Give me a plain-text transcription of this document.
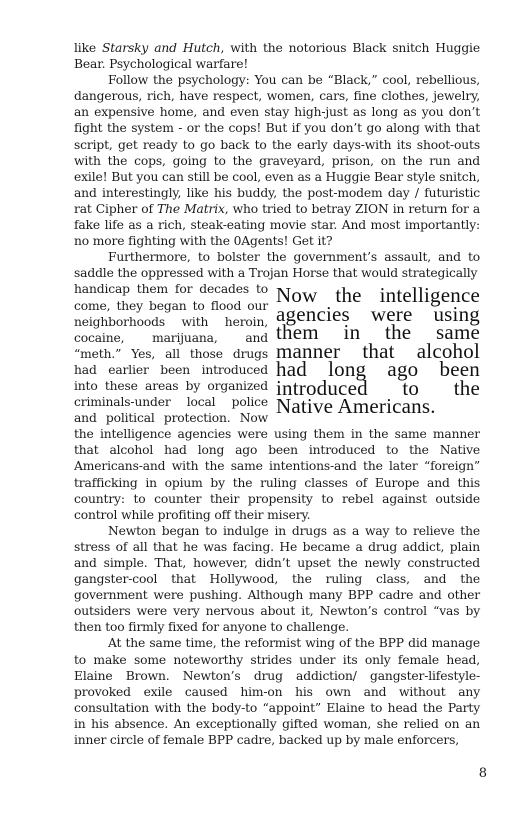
like Starsky and Hutch, with the notorious Black snitch Huggie Bear. Psychological warfare!

Follow the psychology: You can be “Black,” cool, rebellious, dangerous, rich, have respect, women, cars, fine clothes, jewelry, an expensive home, and even stay high-just as long as you don’t fight the system - or the cops! But if you don’t go along with that script, get ready to go back to the early days-with its shoot-outs with the cops, going to the graveyard, prison, on the run and exile! But you can still be cool, even as a Huggie Bear style snitch, and interestingly, like his buddy, the post-modem day / futuristic rat Cipher of The Matrix, who tried to betray ZION in return for a fake life as a rich, steak-eating movie star. And most importantly: no more fighting with the 0Agents! Get it?

Furthermore, to bolster the government’s assault, and to saddle the oppressed with a Trojan Horse that would strategically

Now the intelligence agencies were using them in the same manner that alcohol had long ago been introduced to the Native Americans.

handicap them for decades to come, they began to flood our neighborhoods with heroin, cocaine, marijuana, and “meth.” Yes, all those drugs had earlier been introduced into these areas by organized criminals-under local police and political protection. Now the intelligence agencies were using them in the same manner that alcohol had long ago been introduced to the Native Americans-and with the same intentions-and the later “foreign” trafficking in opium by the ruling classes of Europe and this country: to counter their propensity to rebel against outside control while profiting off their misery.

Newton began to indulge in drugs as a way to relieve the stress of all that he was facing. He became a drug addict, plain and simple. That, however, didn’t upset the newly constructed gangster-cool that Hollywood, the ruling class, and the government were pushing. Although many BPP cadre and other outsiders were very nervous about it, Newton’s control “vas by then too firmly fixed for anyone to challenge.

At the same time, the reformist wing of the BPP did manage to make some noteworthy strides under its only female head, Elaine Brown. Newton’s drug addiction/ gangster-lifestyle-provoked exile caused him-on his own and without any consultation with the body-to “appoint” Elaine to head the Party in his absence. An exceptionally gifted woman, she relied on an inner circle of female BPP cadre, backed up by male enforcers,

8
